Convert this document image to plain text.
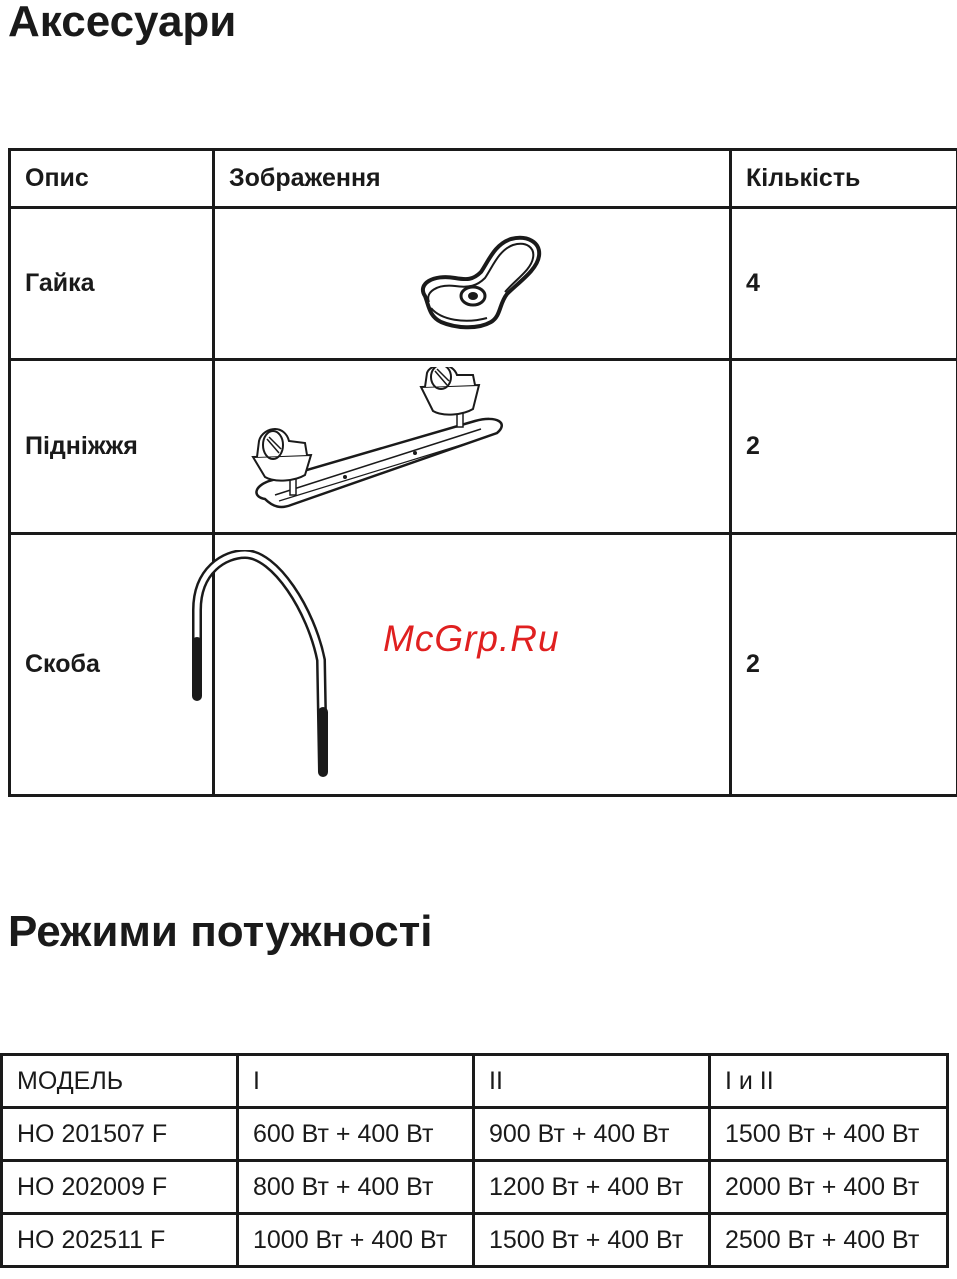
Аксесуари
Опис	Зображення	Кількість
Гайка		4
Підніжжя		2
Скоба		2
McGrp.Ru
Режими потужності
МОДЕЛЬ	I	II	I и II
HO 201507 F	600 Вт + 400 Вт	900 Вт + 400 Вт	1500 Вт + 400 Вт
HO 202009 F	800 Вт + 400 Вт	1200 Вт + 400 Вт	2000 Вт + 400 Вт
HO 202511 F	1000 Вт + 400 Вт	1500 Вт + 400 Вт	2500 Вт + 400 Вт
